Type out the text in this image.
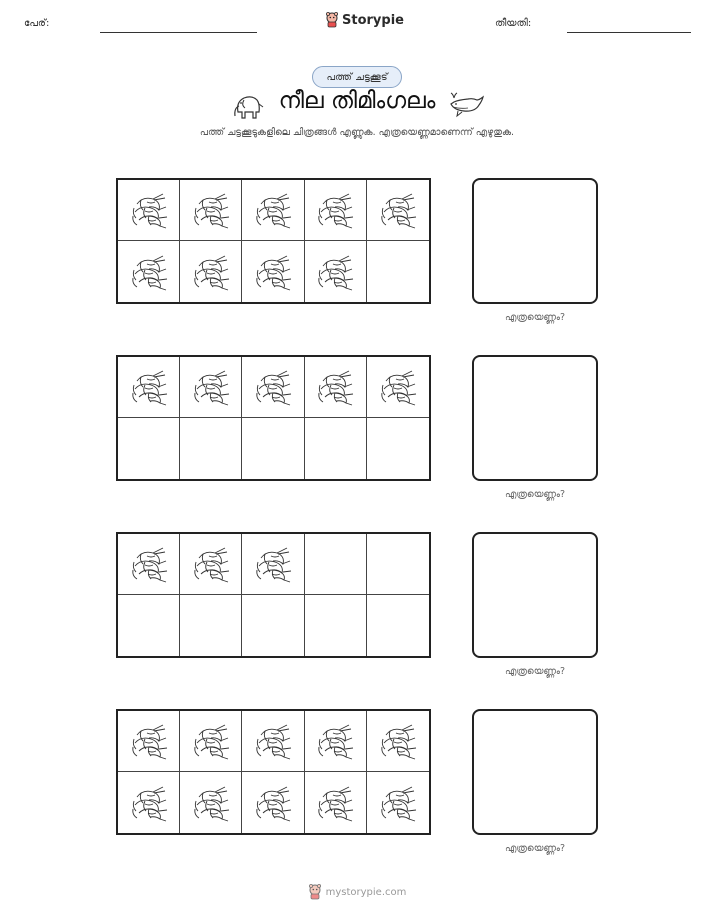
പേര്:	Storypie	തീയതി:
പത്ത് ചട്ടക്കൂട്
നീല തിമിംഗലം
പത്ത് ചട്ടക്കൂടുകളിലെ ചിത്രങ്ങൾ എണ്ണുക. എത്രയെണ്ണമാണെന്ന് എഴുതുക.
എത്രയെണ്ണം?
എത്രയെണ്ണം?
എത്രയെണ്ണം?
എത്രയെണ്ണം?
mystorypie.com
